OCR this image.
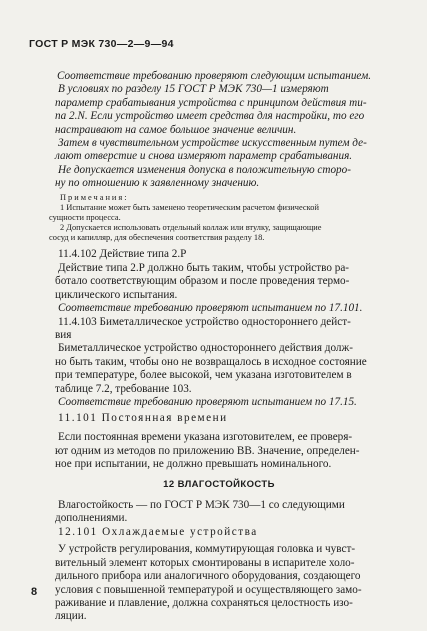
ГОСТ Р МЭК 730—2—9—94
Соответствие требованию проверяют следующим испытанием.
В условиях по разделу 15 ГОСТ Р МЭК 730—1 измеряют
параметр срабатывания устройства с принципом действия ти-
па 2.N. Если устройство имеет средства для настройки, то его
настраивают на самое большое значение величин.
Затем в чувствительном устройстве искусственным путем де-
лают отверстие и снова измеряют параметр срабатывания.
Не допускается изменения допуска в положительную сторо-
ну по отношению к заявленному значению.
Примечания:
1 Испытание может быть заменено теоретическим расчетом физической
сущности процесса.
2 Допускается использовать отдельный коллаж или втулку, защищающие
сосуд и капилляр, для обеспечения соответствия разделу 18.
11.4.102 Действие типа 2.Р
Действие типа 2.Р должно быть таким, чтобы устройство ра-
ботало соответствующим образом и после проведения термо-
циклического испытания.
Соответствие требованию проверяют испытанием по 17.101.
11.4.103 Биметаллическое устройство одностороннего дейст-
вия
Биметаллическое устройство одностороннего действия долж-
но быть таким, чтобы оно не возвращалось в исходное состояние
при температуре, более высокой, чем указана изготовителем в
таблице 7.2, требование 103.
Соответствие требованию проверяют испытанием по 17.15.
11.101 Постоянная времени
Если постоянная времени указана изготовителем, ее проверя-
ют одним из методов по приложению ВВ. Значение, определен-
ное при испытании, не должно превышать номинального.
12 ВЛАГОСТОЙКОСТЬ
Влагостойкость — по ГОСТ Р МЭК 730—1 со следующими
дополнениями.
12.101 Охлаждаемые устройства
У устройств регулирования, коммутирующая головка и чувст-
вительный элемент которых смонтированы в испарителе холо-
дильного прибора или аналогичного оборудования, создающего
условия с повышенной температурой и осуществляющего замо-
раживание и плавление, должна сохраняться целостность изо-
ляции.
8
